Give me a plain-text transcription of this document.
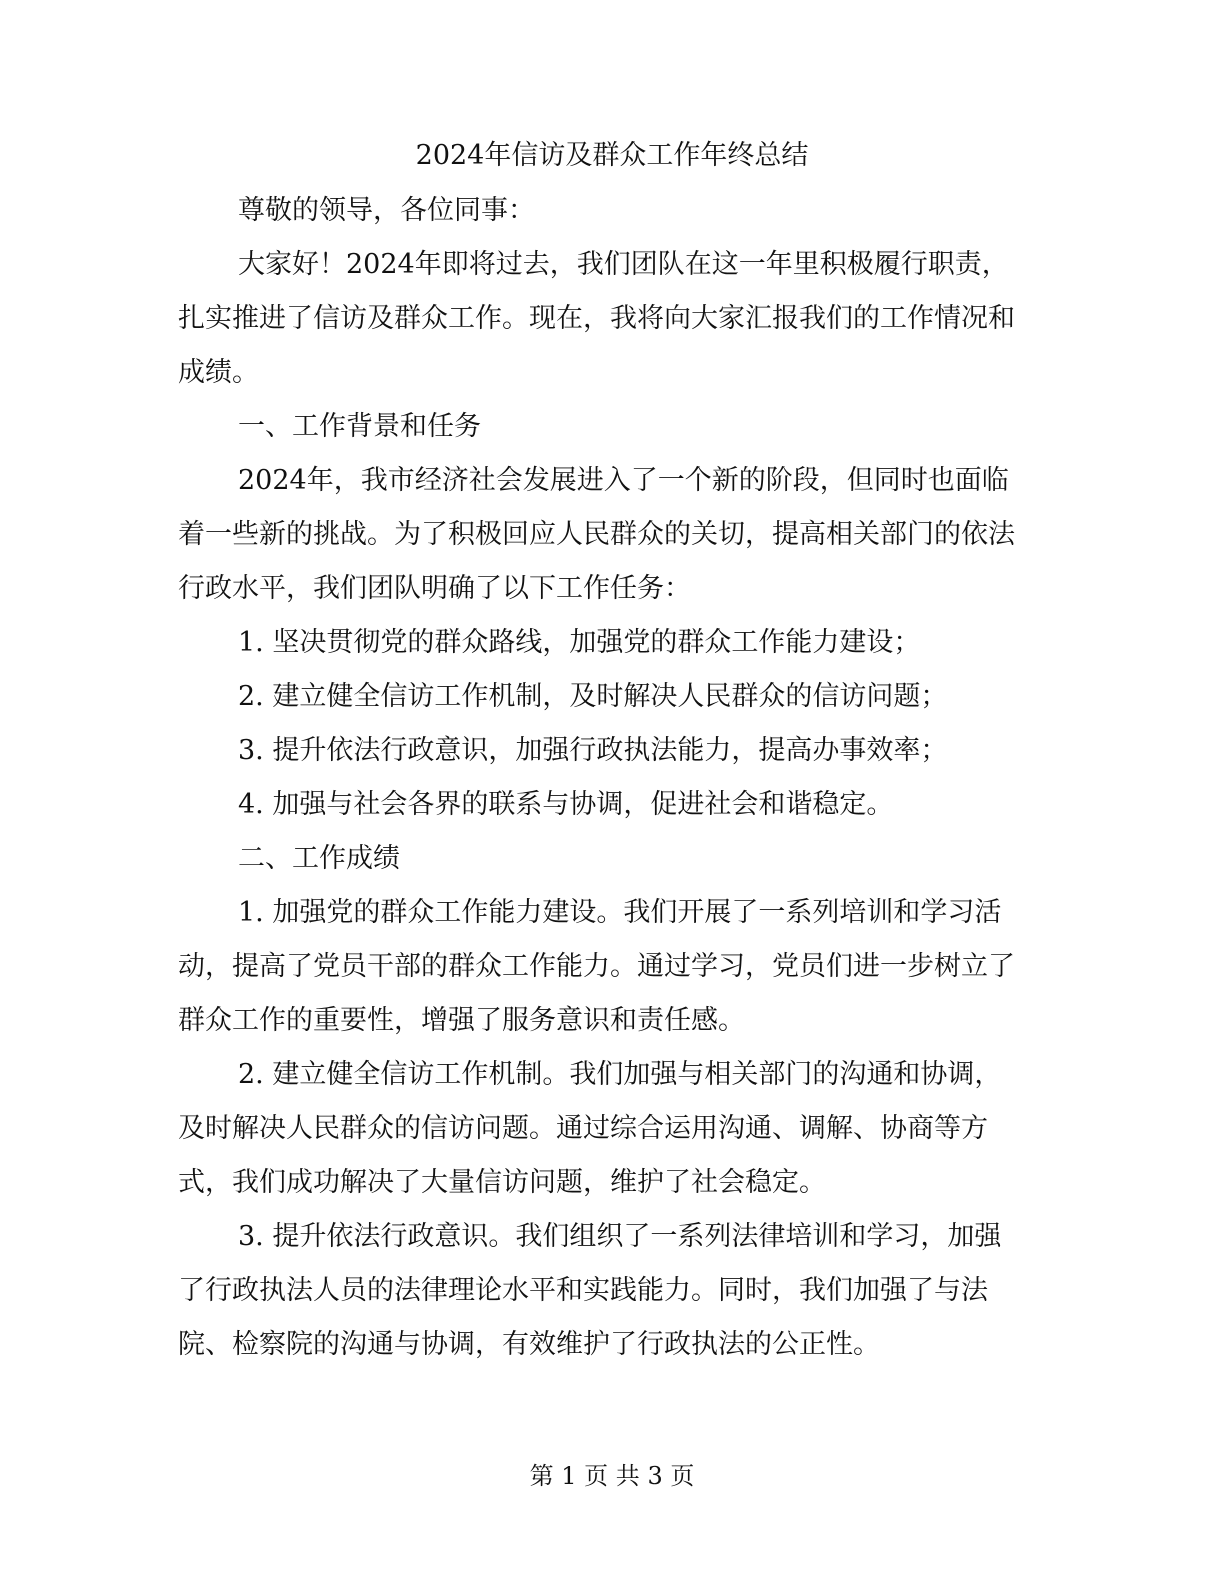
2024年信访及群众工作年终总结

尊敬的领导，各位同事：

大家好！2024年即将过去，我们团队在这一年里积极履行职责，扎实推进了信访及群众工作。现在，我将向大家汇报我们的工作情况和成绩。

一、工作背景和任务

2024年，我市经济社会发展进入了一个新的阶段，但同时也面临着一些新的挑战。为了积极回应人民群众的关切，提高相关部门的依法行政水平，我们团队明确了以下工作任务：

1. 坚决贯彻党的群众路线，加强党的群众工作能力建设；

2. 建立健全信访工作机制，及时解决人民群众的信访问题；

3. 提升依法行政意识，加强行政执法能力，提高办事效率；

4. 加强与社会各界的联系与协调，促进社会和谐稳定。

二、工作成绩

1. 加强党的群众工作能力建设。我们开展了一系列培训和学习活动，提高了党员干部的群众工作能力。通过学习，党员们进一步树立了群众工作的重要性，增强了服务意识和责任感。

2. 建立健全信访工作机制。我们加强与相关部门的沟通和协调，及时解决人民群众的信访问题。通过综合运用沟通、调解、协商等方式，我们成功解决了大量信访问题，维护了社会稳定。

3. 提升依法行政意识。我们组织了一系列法律培训和学习，加强了行政执法人员的法律理论水平和实践能力。同时，我们加强了与法院、检察院的沟通与协调，有效维护了行政执法的公正性。

第 1 页 共 3 页
